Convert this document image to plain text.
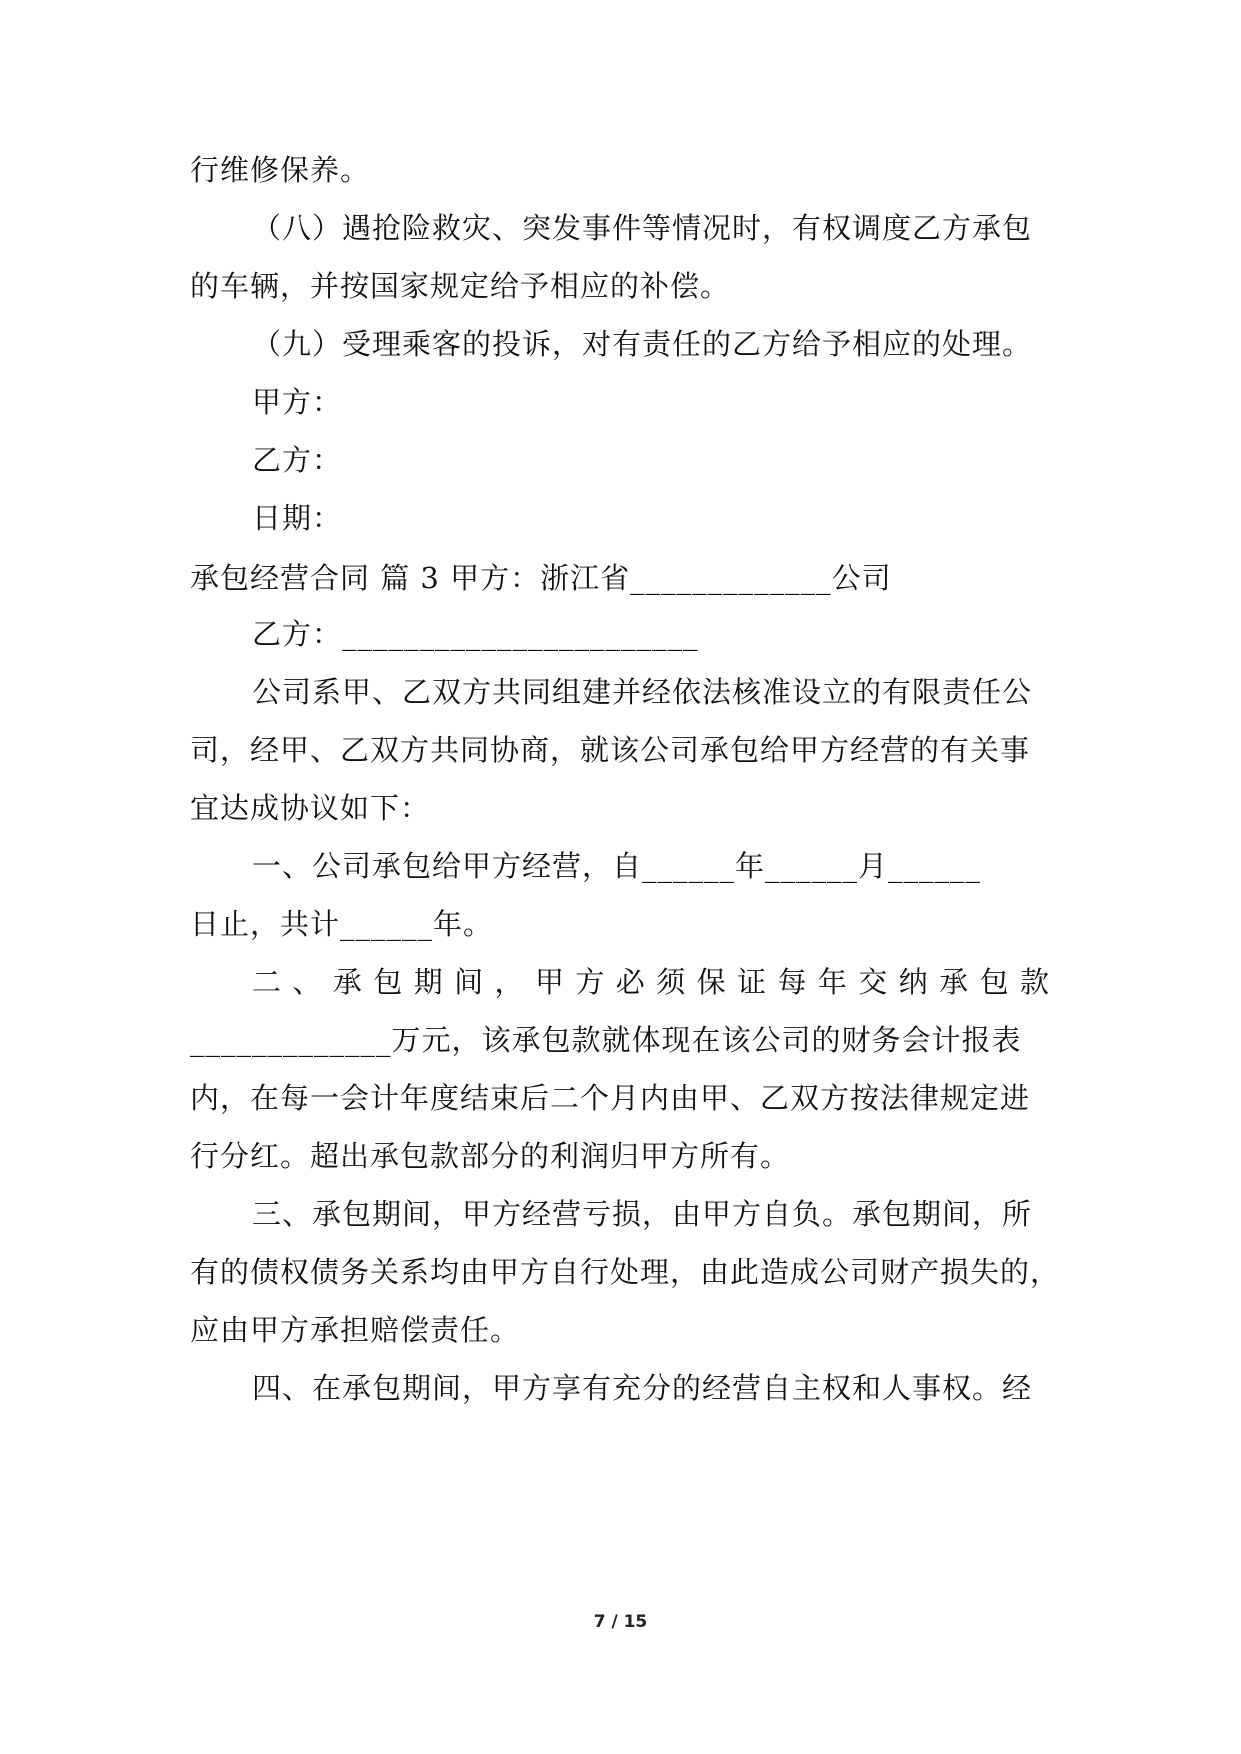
行维修保养。
（八）遇抢险救灾、突发事件等情况时，有权调度乙方承包
的车辆，并按国家规定给予相应的补偿。
（九）受理乘客的投诉，对有责任的乙方给予相应的处理。
甲方：
乙方：
日期：
承包经营合同 篇 3 甲方：浙江省_____________公司
乙方：_______________________
公司系甲、乙双方共同组建并经依法核准设立的有限责任公
司，经甲、乙双方共同协商，就该公司承包给甲方经营的有关事
宜达成协议如下：
一、公司承包给甲方经营，自______年______月______
日止，共计______年。
二、承包期间，甲方必须保证每年交纳承包款
_____________万元，该承包款就体现在该公司的财务会计报表
内，在每一会计年度结束后二个月内由甲、乙双方按法律规定进
行分红。超出承包款部分的利润归甲方所有。
三、承包期间，甲方经营亏损，由甲方自负。承包期间，所
有的债权债务关系均由甲方自行处理，由此造成公司财产损失的，
应由甲方承担赔偿责任。
四、在承包期间，甲方享有充分的经营自主权和人事权。经
7 / 15
